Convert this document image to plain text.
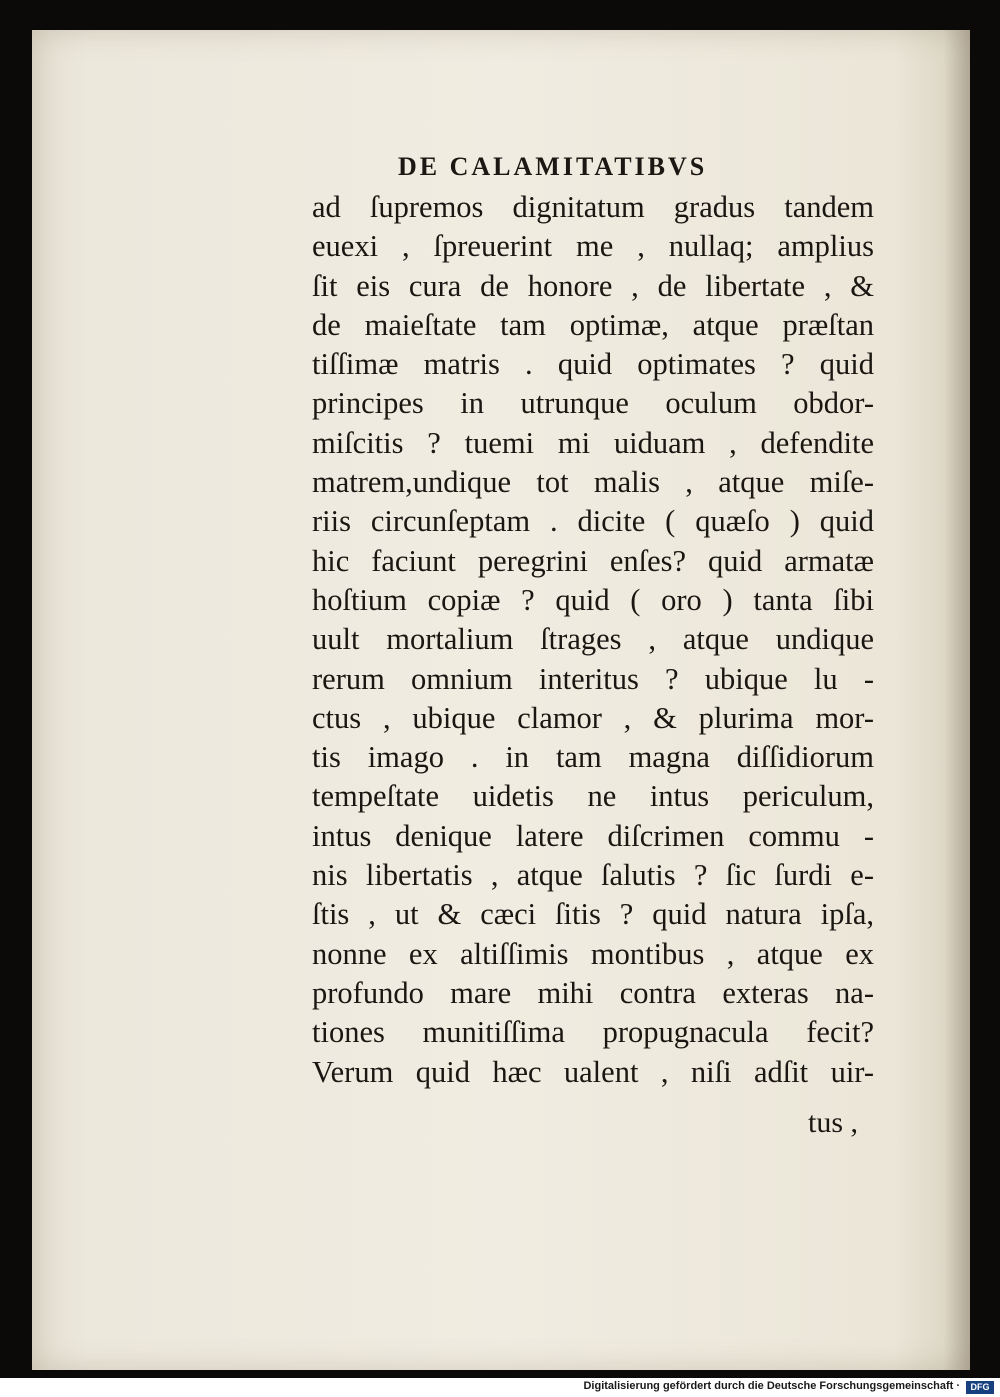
DE CALAMITATIBVS
ad ſupremos dignitatum gradus tandem
euexi , ſpreuerint me , nullaq; amplius
ſit eis cura de honore , de libertate , &
de maieſtate tam optimæ, atque præſtan
tiſſimæ matris . quid optimates ? quid
principes in utrunque oculum obdor-
miſcitis ? tuemi mi uiduam , defendite
matrem,undique tot malis , atque miſe-
riis circunſeptam . dicite ( quæſo ) quid
hic faciunt peregrini enſes? quid armatæ
hoſtium copiæ ? quid ( oro ) tanta ſibi
uult mortalium ſtrages , atque undique
rerum omnium interitus ? ubique lu -
ctus , ubique clamor , & plurima mor-
tis imago . in tam magna diſſidiorum
tempeſtate uidetis ne intus periculum,
intus denique latere diſcrimen commu -
nis libertatis , atque ſalutis ? ſic ſurdi e-
ſtis , ut & cæci ſitis ? quid natura ipſa,
nonne ex altiſſimis montibus , atque ex
profundo mare mihi contra exteras na-
tiones munitiſſima propugnacula fecit?
Verum quid hæc ualent , niſi adſit uir-

tus ,

Digitalisierung gefördert durch die Deutsche Forschungsgemeinschaft ·	DFG
